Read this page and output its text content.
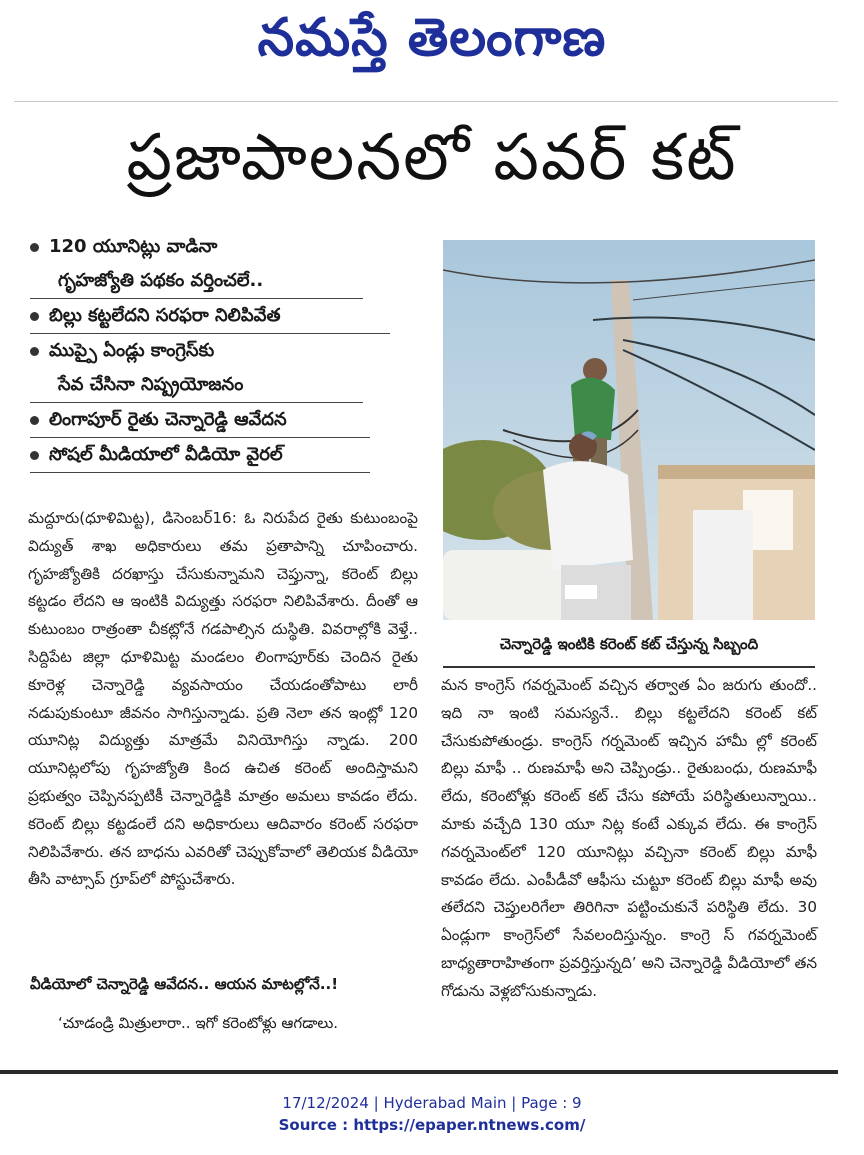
నమస్తే తెలంగాణ
ప్రజాపాలనలో పవర్ కట్
120 యూనిట్లు వాడినా
గృహజ్యోతి పథకం వర్తించలే..
బిల్లు కట్టలేదని సరఫరా నిలిపివేత
ముప్పై ఏండ్లు కాంగ్రెస్‌కు
సేవ చేసినా నిష్ప్రయోజనం
లింగాపూర్ రైతు చెన్నారెడ్డి ఆవేదన
సోషల్ మీడియాలో వీడియో వైరల్

మద్దూరు(ధూళిమిట్ట), డిసెంబర్16: ఓ నిరుపేద రైతు కుటుంబంపై విద్యుత్ శాఖ అధికారులు తమ ప్రతాపాన్ని చూపించారు. గృహజ్యోతికి దరఖాస్తు చేసుకున్నామని చెప్తున్నా, కరెంట్ బిల్లు కట్టడం లేదని ఆ ఇంటికి విద్యుత్తు సరఫరా నిలిపివేశారు. దీంతో ఆ కుటుంబం రాత్రంతా చీకట్లోనే గడపాల్సిన దుస్థితి. వివరాల్లోకి వెళ్తే.. సిద్దిపేట జిల్లా ధూళిమిట్ట మండలం లింగాపూర్‌కు చెందిన రైతు కూరెళ్ల చెన్నారెడ్డి వ్యవసాయం చేయడంతోపాటు లారీ నడుపుకుంటూ జీవనం సాగిస్తున్నాడు. ప్రతి నెలా తన ఇంట్లో 120 యూనిట్ల విద్యుత్తు మాత్రమే వినియోగిస్తు న్నాడు. 200 యూనిట్లలోపు గృహజ్యోతి కింద ఉచిత కరెంట్ అందిస్తామని ప్రభుత్వం చెప్పినప్పటికీ చెన్నారెడ్డికి మాత్రం అమలు కావడం లేదు. కరెంట్ బిల్లు కట్టడంలే దని అధికారులు ఆదివారం కరెంట్ సరఫరా నిలిపివేశారు. తన బాధను ఎవరితో చెప్పుకోవాలో తెలియక వీడియో తీసి వాట్సాప్ గ్రూప్‌లో పోస్టుచేశారు.

వీడియోలో చెన్నారెడ్డి ఆవేదన.. ఆయన మాటల్లోనే..!
‘చూడండ్రి మిత్రులారా.. ఇగో కరెంటోళ్లు ఆగడాలు.
చెన్నారెడ్డి ఇంటికి కరెంట్ కట్ చేస్తున్న సిబ్బంది

మన కాంగ్రెస్ గవర్నమెంట్ వచ్చిన తర్వాత ఏం జరుగు తుందో.. ఇది నా ఇంటి సమస్యనే.. బిల్లు కట్టలేదని కరెంట్ కట్ చేసుకుపోతుండ్రు. కాంగ్రెస్ గర్నమెంట్ ఇచ్చిన హామీ ల్లో కరెంట్ బిల్లు మాఫీ .. రుణమాఫీ అని చెప్పిండ్రు.. రైతుబంధు, రుణమాఫీ లేదు, కరెంటోళ్లు కరెంట్ కట్ చేసు కపోయే పరిస్థితులున్నాయి.. మాకు వచ్చేది 130 యూ నిట్ల కంటే ఎక్కువ లేదు. ఈ కాంగ్రెస్ గవర్నమెంట్‌లో 120 యూనిట్లు వచ్చినా కరెంట్ బిల్లు మాఫీ కావడం లేదు. ఎంపీడీవో ఆఫీసు చుట్టూ కరెంట్ బిల్లు మాఫీ అవు తలేదని చెప్తులరిగేలా తిరిగినా పట్టించుకునే పరిస్థితి లేదు. 30 ఏండ్లుగా కాంగ్రెస్‌లో సేవలందిస్తున్నం. కాంగ్రె స్ గవర్నమెంట్ బాధ్యతారాహితంగా ప్రవర్తిస్తున్నది’ అని చెన్నారెడ్డి వీడియోలో తన గోడును వెళ్లబోసుకున్నాడు.

17/12/2024 | Hyderabad Main | Page : 9
Source : https://epaper.ntnews.com/
